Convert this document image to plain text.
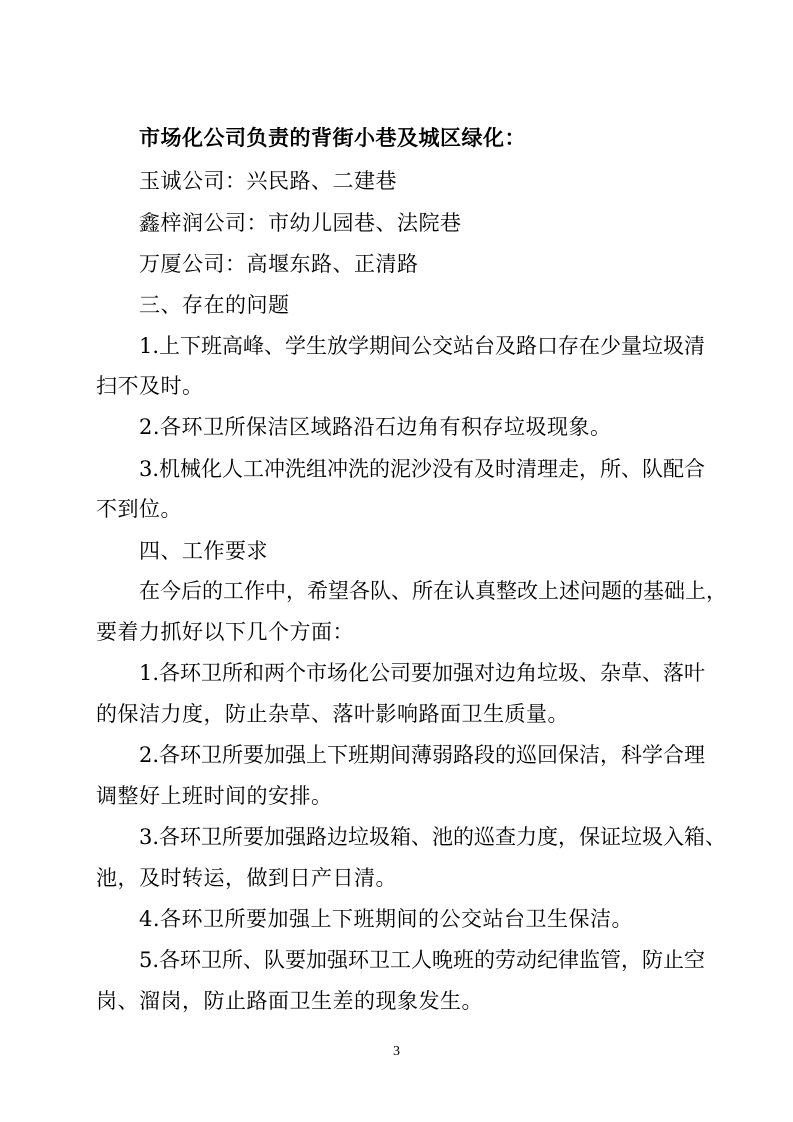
市场化公司负责的背街小巷及城区绿化：
玉诚公司：兴民路、二建巷
鑫梓润公司：市幼儿园巷、法院巷
万厦公司：高堰东路、正清路
三、存在的问题
1.上下班高峰、学生放学期间公交站台及路口存在少量垃圾清
扫不及时。
2.各环卫所保洁区域路沿石边角有积存垃圾现象。
3.机械化人工冲洗组冲洗的泥沙没有及时清理走，所、队配合
不到位。
四、工作要求
在今后的工作中，希望各队、所在认真整改上述问题的基础上，
要着力抓好以下几个方面：
1.各环卫所和两个市场化公司要加强对边角垃圾、杂草、落叶
的保洁力度，防止杂草、落叶影响路面卫生质量。
2.各环卫所要加强上下班期间薄弱路段的巡回保洁，科学合理
调整好上班时间的安排。
3.各环卫所要加强路边垃圾箱、池的巡查力度，保证垃圾入箱、
池，及时转运，做到日产日清。
4.各环卫所要加强上下班期间的公交站台卫生保洁。
5.各环卫所、队要加强环卫工人晚班的劳动纪律监管，防止空
岗、溜岗，防止路面卫生差的现象发生。
3
